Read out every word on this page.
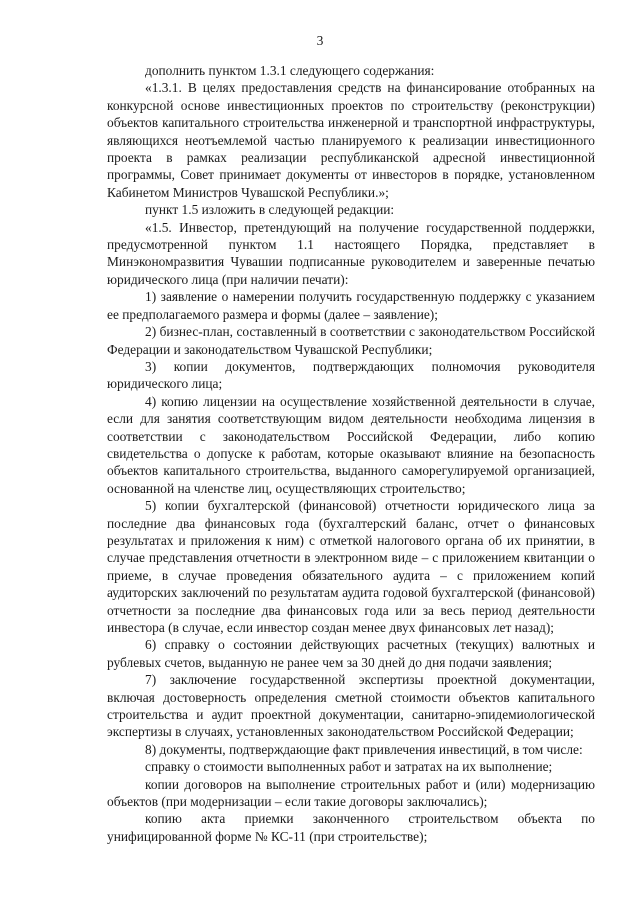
3

дополнить пунктом 1.3.1 следующего содержания:

«1.3.1. В целях предоставления средств на финансирование отобранных на конкурсной основе инвестиционных проектов по строительству (реконструкции) объектов капитального строительства инженерной и транспортной инфраструктуры, являющихся неотъемлемой частью планируемого к реализации инвестиционного проекта в рамках реализации республиканской адресной инвестиционной программы, Совет принимает документы от инвесторов в порядке, установленном Кабинетом Министров Чувашской Республики.»;

пункт 1.5 изложить в следующей редакции:

«1.5. Инвестор, претендующий на получение государственной поддержки, предусмотренной пунктом 1.1 настоящего Порядка, представляет в Минэкономразвития Чувашии подписанные руководителем и заверенные печатью юридического лица (при наличии печати):

1) заявление о намерении получить государственную поддержку с указанием ее предполагаемого размера и формы (далее – заявление);

2) бизнес-план, составленный в соответствии с законодательством Российской Федерации и законодательством Чувашской Республики;

3) копии документов, подтверждающих полномочия руководителя юридического лица;

4) копию лицензии на осуществление хозяйственной деятельности в случае, если для занятия соответствующим видом деятельности необходима лицензия в соответствии с законодательством Российской Федерации, либо копию свидетельства о допуске к работам, которые оказывают влияние на безопасность объектов капитального строительства, выданного саморегулируемой организацией, основанной на членстве лиц, осуществляющих строительство;

5) копии бухгалтерской (финансовой) отчетности юридического лица за последние два финансовых года (бухгалтерский баланс, отчет о финансовых результатах и приложения к ним) с отметкой налогового органа об их принятии, в случае представления отчетности в электронном виде – с приложением квитанции о приеме, в случае проведения обязательного аудита – с приложением копий аудиторских заключений по результатам аудита годовой бухгалтерской (финансовой) отчетности за последние два финансовых года или за весь период деятельности инвестора (в случае, если инвестор создан менее двух финансовых лет назад);

6) справку о состоянии действующих расчетных (текущих) валютных и рублевых счетов, выданную не ранее чем за 30 дней до дня подачи заявления;

7) заключение государственной экспертизы проектной документации, включая достоверность определения сметной стоимости объектов капитального строительства и аудит проектной документации, санитарно-эпидемиологической экспертизы в случаях, установленных законодательством Российской Федерации;

8) документы, подтверждающие факт привлечения инвестиций, в том числе:

справку о стоимости выполненных работ и затратах на их выполнение;

копии договоров на выполнение строительных работ и (или) модернизацию объектов (при модернизации – если такие договоры заключались);

копию акта приемки законченного строительством объекта по унифицированной форме № КС-11 (при строительстве);
